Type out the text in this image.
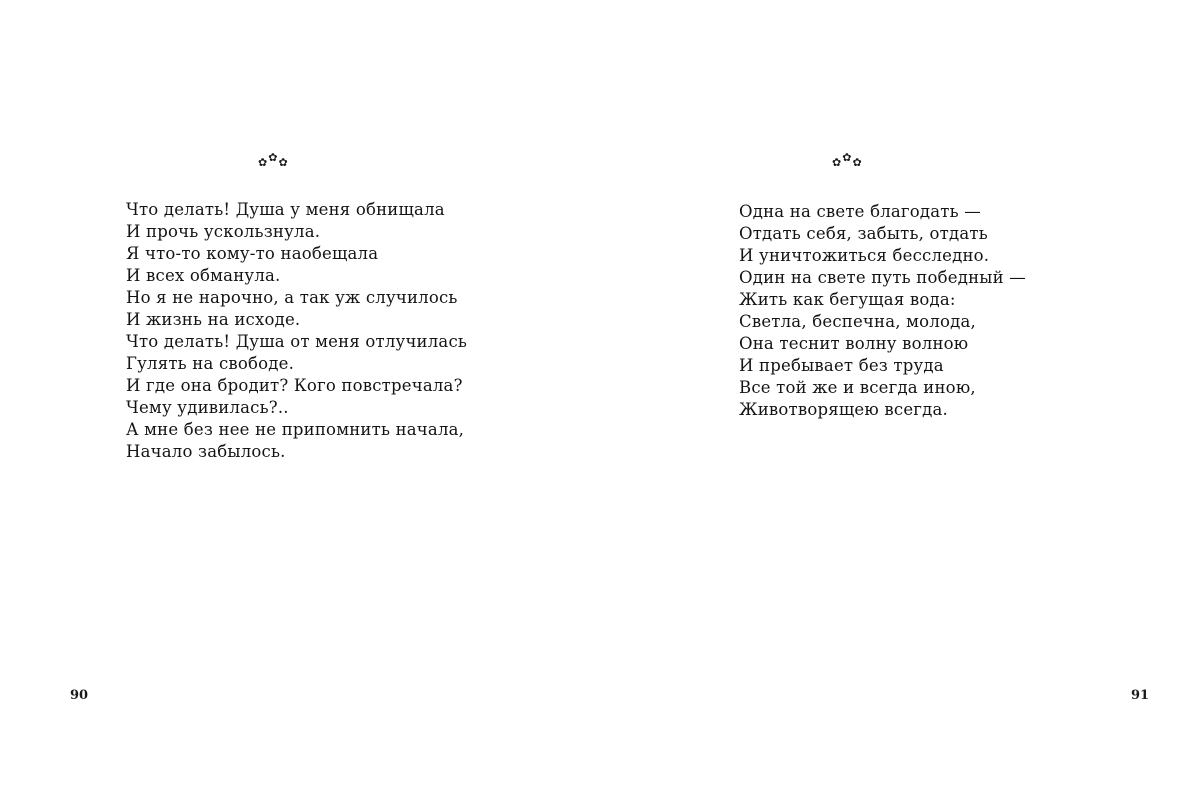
✿✿✿
Что делать! Душа у меня обнищала
И прочь ускользнула.
Я что-то кому-то наобещала
И всех обманула.
Но я не нарочно, а так уж случилось
И жизнь на исходе.
Что делать! Душа от меня отлучилась
Гулять на свободе.
И где она бродит? Кого повстречала?
Чему удивилась?..
А мне без нее не припомнить начала,
Начало забылось.
90
✿✿✿
Одна на свете благодать —
Отдать себя, забыть, отдать
И уничтожиться бесследно.
Один на свете путь победный —
Жить как бегущая вода:
Светла, беспечна, молода,
Она теснит волну волною
И пребывает без труда
Все той же и всегда иною,
Животворящею всегда.
91
